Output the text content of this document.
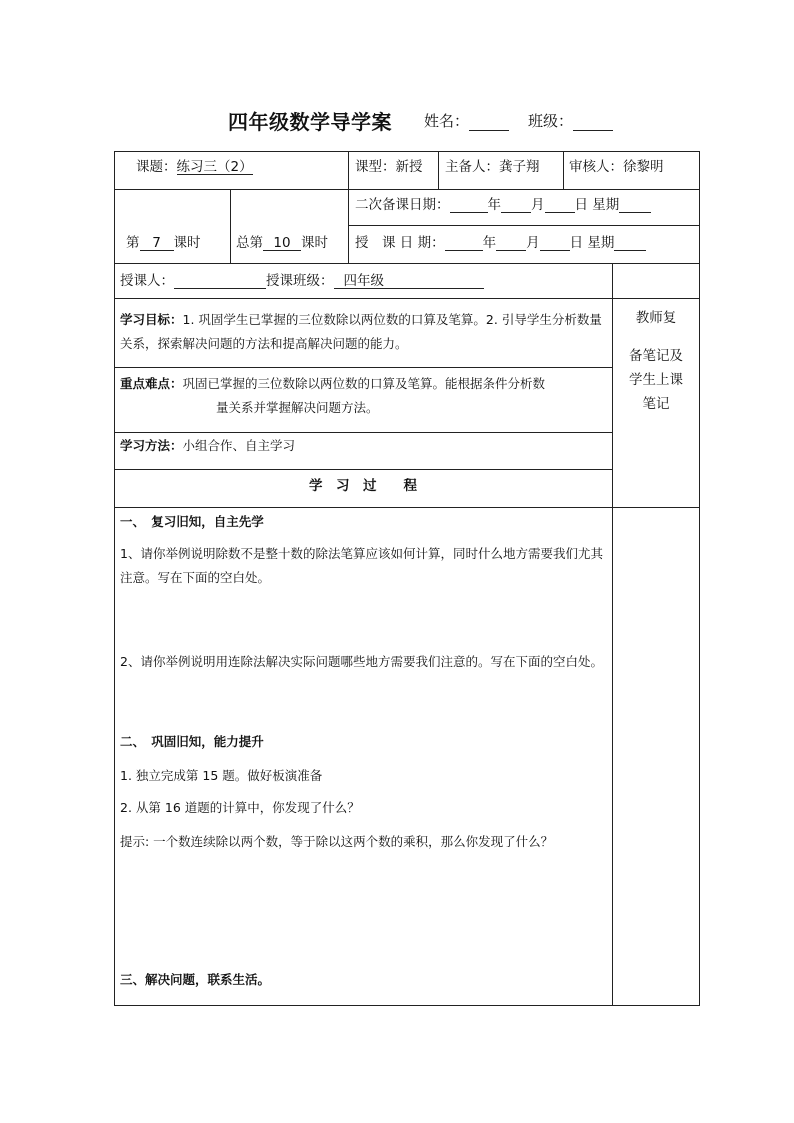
四年级数学导学案 姓名：	班级：
课题：练习三（2）	课型：新授 主备人：龚子翔 审核人：徐黎明
二次备课日期：	年 月 日 星期
授　课 日 期：	年 月 日 星期
第 7 课时	总第 10 课时
授课人：	授课班级： 四年级
学习目标：1. 巩固学生已掌握的三位数除以两位数的口算及笔算。2. 引导学生分析数量关系，探索解决问题的方法和提高解决问题的能力。
重点难点：巩固已掌握的三位数除以两位数的口算及笔算。能根据条件分析数
量关系并掌握解决问题方法。
学习方法：小组合作、自主学习
教师复
备笔记及
学生上课
笔记
学　习　过　　程
一、　复习旧知，自主先学
1、请你举例说明除数不是整十数的除法笔算应该如何计算，同时什么地方需要我们尤其注意。写在下面的空白处。
2、请你举例说明用连除法解决实际问题哪些地方需要我们注意的。写在下面的空白处。
二、　巩固旧知，能力提升
1. 独立完成第 15 题。做好板演准备
2. 从第 16 道题的计算中，你发现了什么？
提示: 一个数连续除以两个数，等于除以这两个数的乘积，那么你发现了什么？
三、解决问题，联系生活。
